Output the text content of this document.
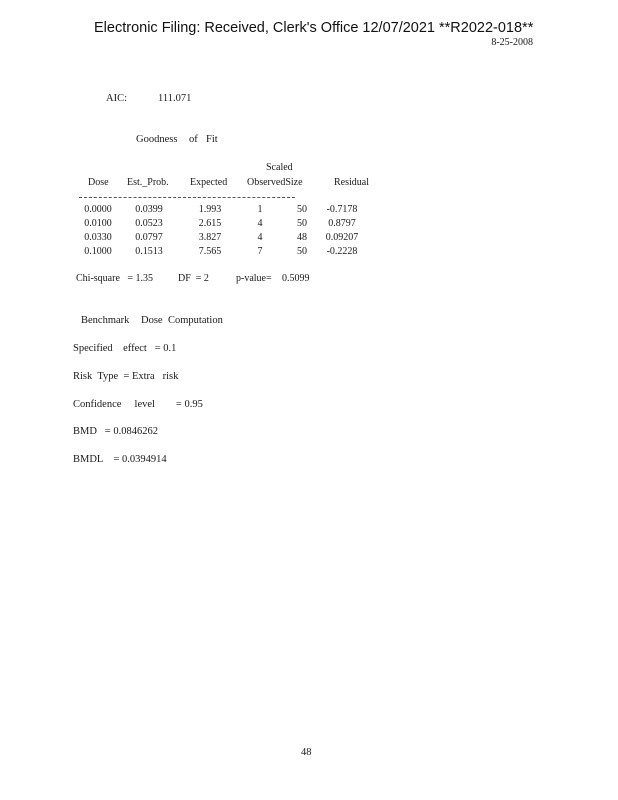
Electronic Filing: Received, Clerk's Office 12/07/2021 **R2022-018**
8-25-2008
AIC:	111.071
Goodness of Fit
Scaled
Dose Est._Prob. Expected ObservedSize	Residual
0.0000	0.0399	1.993	1	50	-0.7178
0.0100	0.0523	2.615	4	50	0.8797
0.0330	0.0797	3.827	4	48	0.09207
0.1000	0.1513	7.565	7	50	-0.2228
Chi-square   = 1.35 DF  = 2	p-value= 0.5099
Benchmark Dose Computation
Specified    effect   = 0.1
Risk  Type  = Extra   risk
Confidence     level        = 0.95
BMD   = 0.0846262
BMDL    = 0.0394914
48
